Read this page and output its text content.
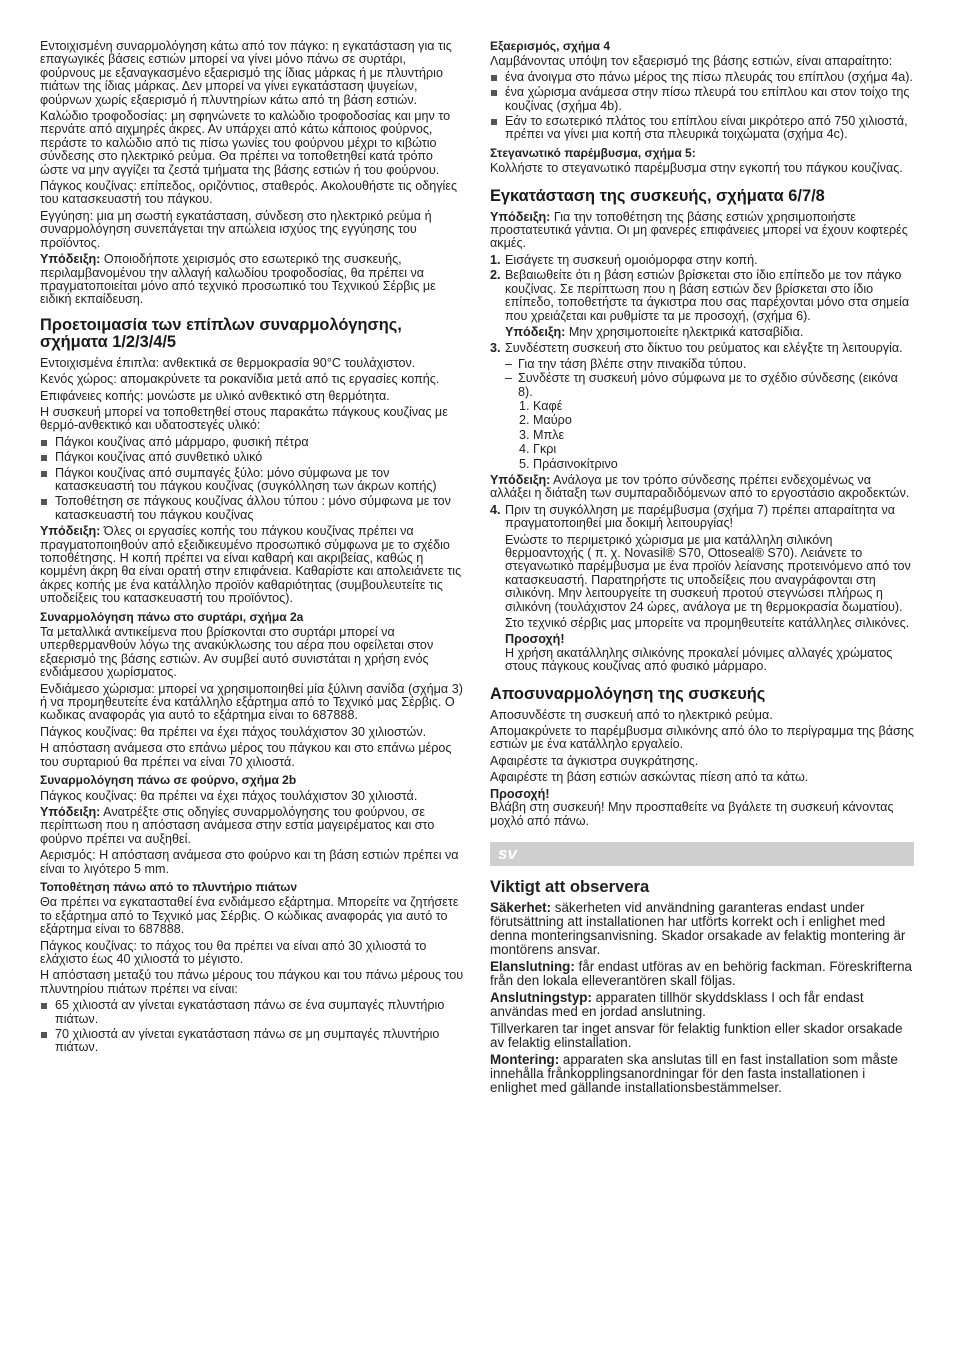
Εντοιχισμένη συναρμολόγηση κάτω από τον πάγκο: η εγκατάσταση για τις επαγωγικές βάσεις εστιών μπορεί να γίνει μόνο πάνω σε συρτάρι, φούρνους με εξαναγκασμένο εξαερισμό της ίδιας μάρκας ή με πλυντήριο πιάτων της ίδιας μάρκας. Δεν μπορεί να γίνει εγκατάσταση ψυγείων, φούρνων χωρίς εξαερισμό ή πλυντηρίων κάτω από τη βάση εστιών.

Καλώδιο τροφοδοσίας: μη σφηνώνετε το καλώδιο τροφοδοσίας και μην το περνάτε από αιχμηρές άκρες. Αν υπάρχει από κάτω κάποιος φούρνος, περάστε το καλώδιο από τις πίσω γωνίες του φούρνου μέχρι το κιβώτιο σύνδεσης στο ηλεκτρικό ρεύμα. Θα πρέπει να τοποθετηθεί κατά τρόπο ώστε να μην αγγίζει τα ζεστά τμήματα της βάσης εστιών ή του φούρνου.

Πάγκος κουζίνας: επίπεδος, οριζόντιος, σταθερός. Ακολουθήστε τις οδηγίες του κατασκευαστή του πάγκου.

Εγγύηση: μια μη σωστή εγκατάσταση, σύνδεση στο ηλεκτρικό ρεύμα ή συναρμολόγηση συνεπάγεται την απώλεια ισχύος της εγγύησης του προϊόντος.

Υπόδειξη: Οποιοδήποτε χειρισμός στο εσωτερικό της συσκευής, περιλαμβανομένου την αλλαγή καλωδίου τροφοδοσίας, θα πρέπει να πραγματοποιείται μόνο από τεχνικό προσωπικό του Τεχνικού Σέρβις με ειδική εκπαίδευση.

Προετοιμασία των επίπλων συναρμολόγησης, σχήματα 1/2/3/4/5

Εντοιχισμένα έπιπλα: ανθεκτικά σε θερμοκρασία 90°C τουλάχιστον.

Κενός χώρος: απομακρύνετε τα ροκανίδια μετά από τις εργασίες κοπής.

Επιφάνειες κοπής: μονώστε με υλικό ανθεκτικό στη θερμότητα.

Η συσκευή μπορεί να τοποθετηθεί στους παρακάτω πάγκους κουζίνας με θερμό-ανθεκτικό και υδατοστεγές υλικό:

Πάγκοι κουζίνας από μάρμαρο, φυσική πέτρα
Πάγκοι κουζίνας από συνθετικό υλικό
Πάγκοι κουζίνας από συμπαγές ξύλο: μόνο σύμφωνα με τον κατασκευαστή του πάγκου κουζίνας (συγκόλληση των άκρων κοπής)
Τοποθέτηση σε πάγκους κουζίνας άλλου τύπου : μόνο σύμφωνα με τον κατασκευαστή του πάγκου κουζίνας

Υπόδειξη: Όλες οι εργασίες κοπής του πάγκου κουζίνας πρέπει να πραγματοποιηθούν από εξειδικευμένο προσωπικό σύμφωνα με το σχέδιο τοποθέτησης. Η κοπή πρέπει να είναι καθαρή και ακριβείας, καθώς η κομμένη άκρη θα είναι ορατή στην επιφάνεια. Καθαρίστε και απολειάνετε τις άκρες κοπής με ένα κατάλληλο προϊόν καθαριότητας (συμβουλευτείτε τις υποδείξεις του κατασκευαστή του προϊόντος).

Συναρμολόγηση πάνω στο συρτάρι, σχήμα 2a

Τα μεταλλικά αντικείμενα που βρίσκονται στο συρτάρι μπορεί να υπερθερμανθούν λόγω της ανακύκλωσης του αέρα που οφείλεται στον εξαερισμό της βάσης εστιών. Αν συμβεί αυτό συνιστάται η χρήση ενός ενδιάμεσου χωρίσματος.

Ενδιάμεσο χώρισμα: μπορεί να χρησιμοποιηθεί μία ξύλινη σανίδα (σχήμα 3) ή να προμηθευτείτε ένα κατάλληλο εξάρτημα από το Τεχνικό μας Σέρβις. Ο κωδικας αναφοράς για αυτό το εξάρτημα είναι το 687888.

Πάγκος κουζίνας: θα πρέπει να έχει πάχος τουλάχιστον 30 χιλιοστών.

Η απόσταση ανάμεσα στο επάνω μέρος του πάγκου και στο επάνω μέρος του συρταριού θα πρέπει να είναι 70 χιλιοστά.

Συναρμολόγηση πάνω σε φούρνο, σχήμα 2b

Πάγκος κουζίνας: θα πρέπει να έχει πάχος τουλάχιστον 30 χιλιοστά.

Υπόδειξη: Ανατρέξτε στις οδηγίες συναρμολόγησης του φούρνου, σε περίπτωση που η απόσταση ανάμεσα στην εστία μαγειρέματος και στο φούρνο πρέπει να αυξηθεί.

Αερισμός: Η απόσταση ανάμεσα στο φούρνο και τη βάση εστιών πρέπει να είναι το λιγότερο 5 mm.

Τοποθέτηση πάνω από το πλυντήριο πιάτων

Θα πρέπει να εγκατασταθεί ένα ενδιάμεσο εξάρτημα. Μπορείτε να ζητήσετε το εξάρτημα από το Τεχνικό μας Σέρβις. Ο κώδικας αναφοράς για αυτό το εξάρτημα είναι το 687888.

Πάγκος κουζίνας: το πάχος του θα πρέπει να είναι από 30 χιλιοστά το ελάχιστο έως 40 χιλιοστά το μέγιστο.

Η απόσταση μεταξύ του πάνω μέρους του πάγκου και του πάνω μέρους του πλυντηρίου πιάτων πρέπει να είναι:

65 χιλιοστά αν γίνεται εγκατάσταση πάνω σε ένα συμπαγές πλυντήριο πιάτων.
70 χιλιοστά αν γίνεται εγκατάσταση πάνω σε μη συμπαγές πλυντήριο πιάτων.
Εξαερισμός, σχήμα 4

Λαμβάνοντας υπόψη τον εξαερισμό της βάσης εστιών, είναι απαραίτητο:

ένα άνοιγμα στο πάνω μέρος της πίσω πλευράς του επίπλου (σχήμα 4a).
ένα χώρισμα ανάμεσα στην πίσω πλευρά του επίπλου και στον τοίχο της κουζίνας (σχήμα 4b).
Εάν το εσωτερικό πλάτος του επίπλου είναι μικρότερο από 750 χιλιοστά, πρέπει να γίνει μια κοπή στα πλευρικά τοιχώματα (σχήμα 4c).
Στεγανωτικό παρέμβυσμα, σχήμα 5:

Κολλήστε το στεγανωτικό παρέμβυσμα στην εγκοπή του πάγκου κουζίνας.

Εγκατάσταση της συσκευής, σχήματα 6/7/8

Υπόδειξη: Για την τοποθέτηση της βάσης εστιών χρησιμοποιήστε προστατευτικά γάντια. Οι μη φανερές επιφάνειες μπορεί να έχουν κοφτερές ακμές.

1. Εισάγετε τη συσκευή ομοιόμορφα στην κοπή.
2. Βεβαιωθείτε ότι η βάση εστιών βρίσκεται στο ίδιο επίπεδο με τον πάγκο κουζίνας. Σε περίπτωση που η βάση εστιών δεν βρίσκεται στο ίδιο επίπεδο, τοποθετήστε τα άγκιστρα που σας παρέχονται μόνο στα σημεία που χρειάζεται και ρυθμίστε τα με προσοχή, (σχήμα 6).

Υπόδειξη: Μην χρησιμοποιείτε ηλεκτρικά κατσαβίδια.

3. Συνδέστετη συσκευή στο δίκτυο του ρεύματος και ελέγξτε τη λειτουργία.
– Για την τάση βλέπε στην πινακίδα τύπου.
– Συνδέστε τη συσκευή μόνο σύμφωνα με το σχέδιο σύνδεσης (εικόνα 8).
1. Καφέ
2. Μαύρο
3. Μπλε
4. Γκρι
5. Πράσινοκίτρινο

Υπόδειξη: Ανάλογα με τον τρόπο σύνδεσης πρέπει ενδεχομένως να αλλάξει η διάταξη των συμπαραδιδόμενων από το εργοστάσιο ακροδεκτών.

4. Πριν τη συγκόλληση με παρέμβυσμα (σχήμα 7) πρέπει απαραίτητα να πραγματοποιηθεί μια δοκιμή λειτουργίας!

Ενώστε το περιμετρικό χώρισμα με μια κατάλληλη σιλικόνη θερμοαντοχής ( π. χ. Novasil® S70, Ottoseal® S70). Λειάνετε το στεγανωτικό παρέμβυσμα με ένα προϊόν λείανσης προτεινόμενο από τον κατασκευαστή. Παρατηρήστε τις υποδείξεις που αναγράφονται στη σιλικόνη. Μην λειτουργείτε τη συσκευή προτού στεγνώσει πλήρως η σιλικόνη (τουλάχιστον 24 ώρες, ανάλογα με τη θερμοκρασία δωματίου).

Στο τεχνικό σέρβις μας μπορείτε να προμηθευτείτε κατάλληλες σιλικόνες.

Προσοχή!

Η χρήση ακατάλληλης σιλικόνης προκαλεί μόνιμες αλλαγές χρώματος στους πάγκους κουζίνας από φυσικό μάρμαρο.

Αποσυναρμολόγηση της συσκευής

Αποσυνδέστε τη συσκευή από το ηλεκτρικό ρεύμα.

Απομακρύνετε το παρέμβυσμα σιλικόνης από όλο το περίγραμμα της βάσης εστιών με ένα κατάλληλο εργαλείο.

Αφαιρέστε τα άγκιστρα συγκράτησης.

Αφαιρέστε τη βάση εστιών ασκώντας πίεση από τα κάτω.

Προσοχή!

Βλάβη στη συσκευή! Μην προσπαθείτε να βγάλετε τη συσκευή κάνοντας μοχλό από πάνω.

sv
Viktigt att observera

Säkerhet: säkerheten vid användning garanteras endast under förutsättning att installationen har utförts korrekt och i enlighet med denna monteringsanvisning. Skador orsakade av felaktig montering är montörens ansvar.

Elanslutning: får endast utföras av en behörig fackman. Föreskrifterna från den lokala elleverantören skall följas.

Anslutningstyp: apparaten tillhör skyddsklass I och får endast användas med en jordad anslutning.

Tillverkaren tar inget ansvar för felaktig funktion eller skador orsakade av felaktig elinstallation.

Montering: apparaten ska anslutas till en fast installation som måste innehålla frånkopplingsanordningar för den fasta installationen i enlighet med gällande installationsbestämmelser.
